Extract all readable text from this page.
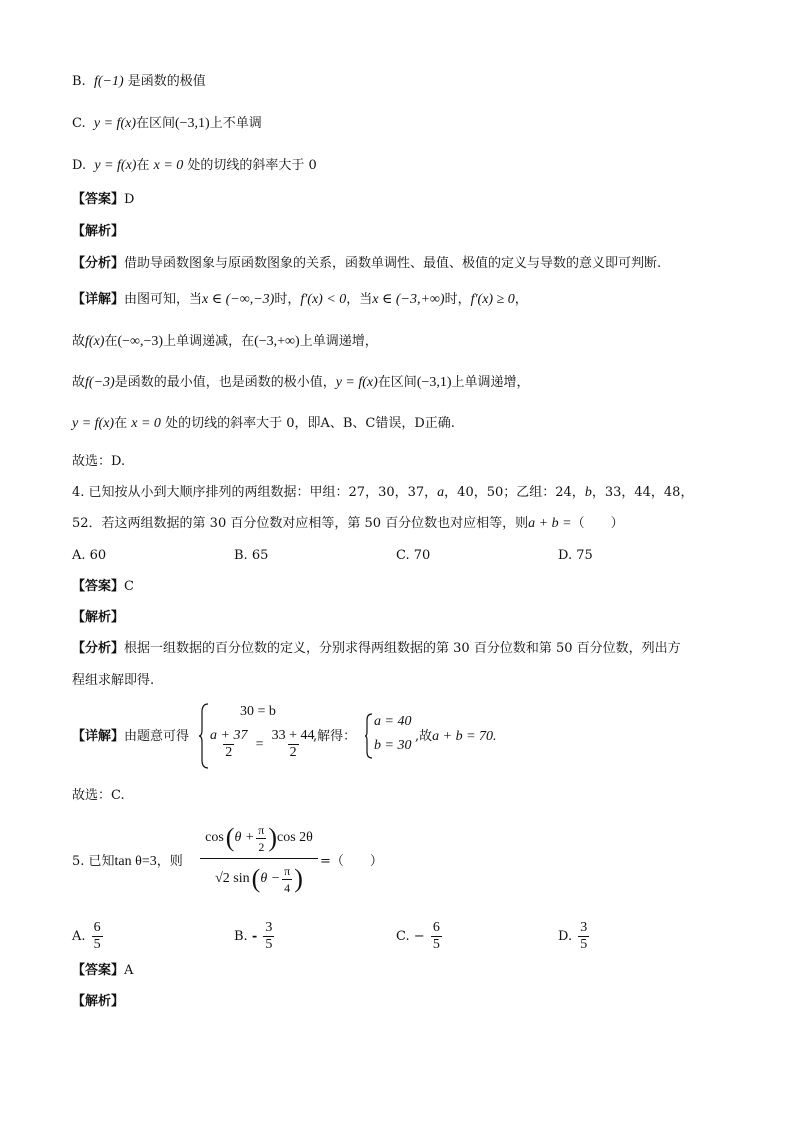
B. f(−1) 是函数的极值
C. y = f(x)在区间(−3,1)上不单调
D. y = f(x)在 x = 0 处的切线的斜率大于 0
【答案】D
【解析】
【分析】借助导函数图象与原函数图象的关系，函数单调性、最值、极值的定义与导数的意义即可判断.
【详解】由图可知，当x ∈ (−∞,−3)时，f′(x) < 0，当x ∈ (−3,+∞)时，f′(x) ≥ 0，
故f(x)在(−∞,−3)上单调递减，在(−3,+∞)上单调递增，
故f(−3)是函数的最小值，也是函数的极小值，y = f(x)在区间(−3,1)上单调递增，
y = f(x)在 x = 0 处的切线的斜率大于 0，即A、B、C错误，D正确.
故选：D.
4. 已知按从小到大顺序排列的两组数据：甲组：27，30，37，a，40，50；乙组：24，b，33，44，48，
52．若这两组数据的第 30 百分位数对应相等，第 50 百分位数也对应相等，则a + b =（　　）
A. 60	B. 65	C. 70	D. 75
【答案】C
【解析】
【分析】根据一组数据的百分位数的定义，分别求得两组数据的第 30 百分位数和第 50 百分位数，列出方
程组求解即得.
【详解】由题意可得
30 = b
$\frac{a + 37}{2} = \frac{33 + 44}{2}$
,解得：
a = 40
b = 30
,故a + b = 70.
故选：C.
5. 已知tan θ=3，则
cos ( $\theta + \frac{\pi}{2}$ ) cos 2θ
√2 sin ( $\theta - \frac{\pi}{4}$ )
=（　　）
A. $\frac{6}{5}$	B. - $\frac{3}{5}$	C. − $\frac{6}{5}$	D. $\frac{3}{5}$
【答案】A
【解析】
